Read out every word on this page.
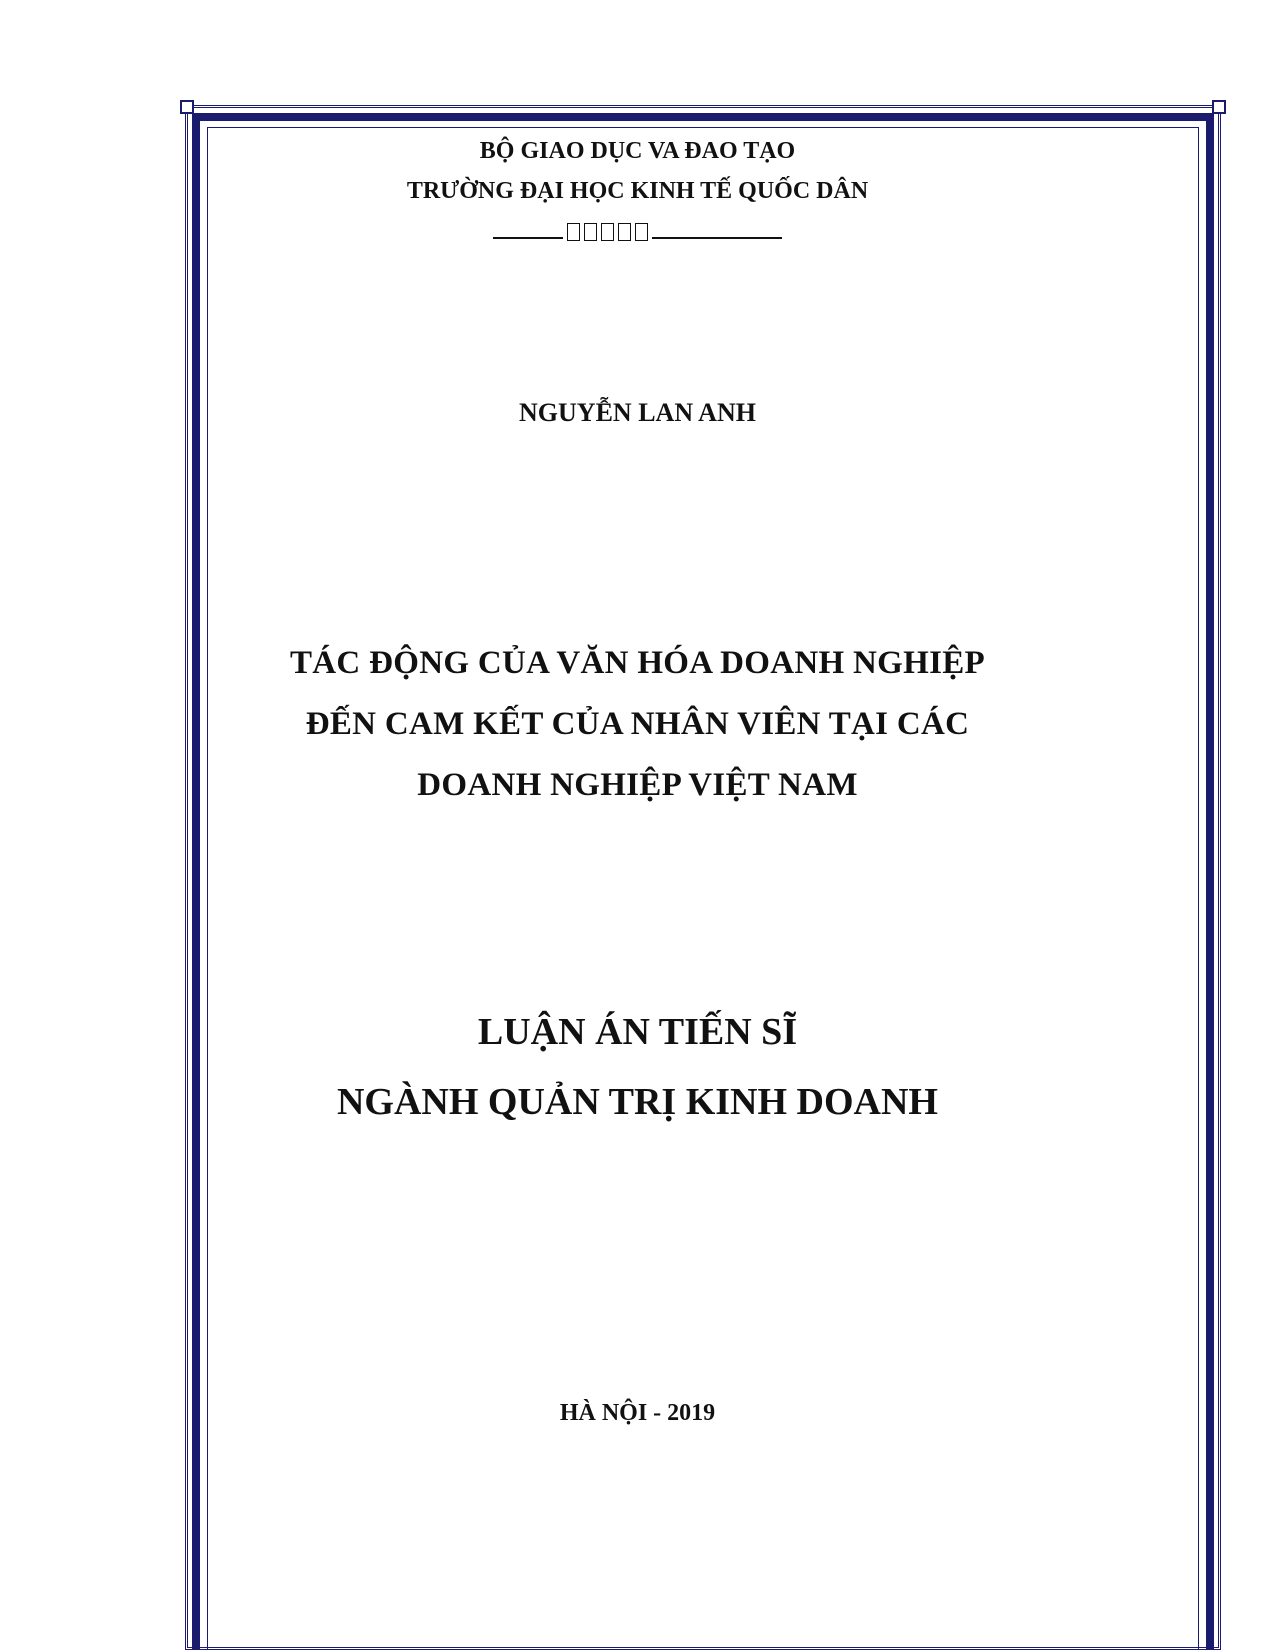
BỘ GIAO DỤC VA ĐAO TẠO
TRƯỜNG ĐẠI HỌC KINH TẾ QUỐC DÂN
NGUYỄN LAN ANH
TÁC ĐỘNG CỦA VĂN HÓA DOANH NGHIỆP
ĐẾN CAM KẾT CỦA NHÂN VIÊN TẠI CÁC
DOANH NGHIỆP VIỆT NAM
LUẬN ÁN TIẾN SĨ
NGÀNH QUẢN TRỊ KINH DOANH
HÀ NỘI - 2019
